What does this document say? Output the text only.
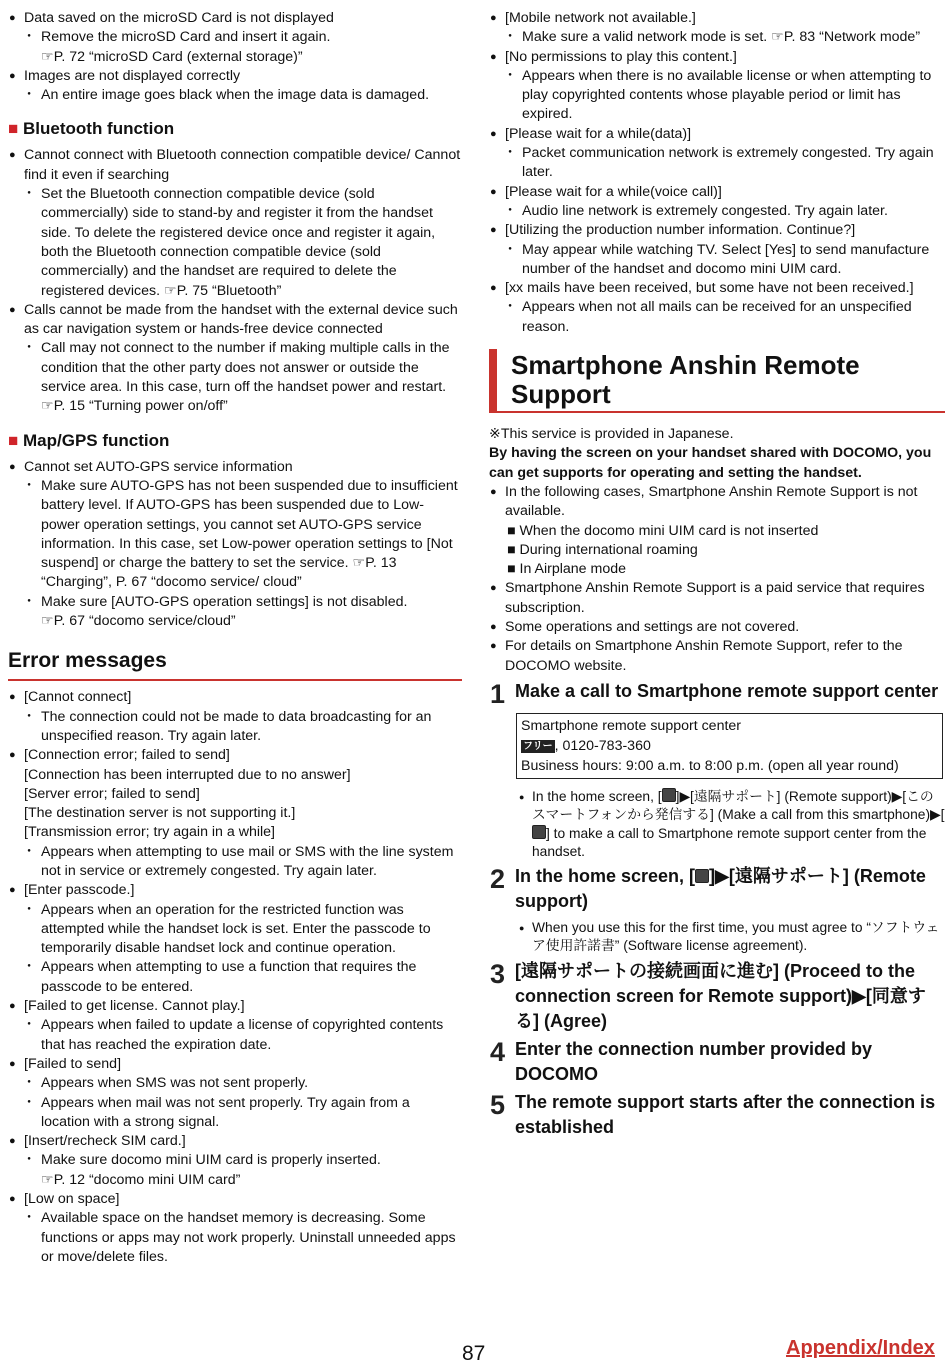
● Data saved on the microSD Card is not displayed
・ Remove the microSD Card and insert it again.
☞P. 72 “microSD Card (external storage)”
● Images are not displayed correctly
・ An entire image goes black when the image data is damaged.
■ Bluetooth function
● Cannot connect with Bluetooth connection compatible device/ Cannot find it even if searching
・ Set the Bluetooth connection compatible device (sold commercially) side to stand-by and register it from the handset side. To delete the registered device once and register it again, both the Bluetooth connection compatible device (sold commercially) and the handset are required to delete the registered devices. ☞P. 75 “Bluetooth”
● Calls cannot be made from the handset with the external device such as car navigation system or hands-free device connected
・ Call may not connect to the number if making multiple calls in the condition that the other party does not answer or outside the service area. In this case, turn off the handset power and restart. ☞P. 15 “Turning power on/off”
■ Map/GPS function
● Cannot set AUTO-GPS service information
・ Make sure AUTO-GPS has not been suspended due to insufficient battery level. If AUTO-GPS has been suspended due to Low-power operation settings, you cannot set AUTO-GPS service information. In this case, set Low-power operation settings to [Not suspend] or charge the battery to set the service. ☞P. 13 “Charging”, P. 67 “docomo service/ cloud”
・ Make sure [AUTO-GPS operation settings] is not disabled.
☞P. 67 “docomo service/cloud”
Error messages
● [Cannot connect]
・ The connection could not be made to data broadcasting for an unspecified reason. Try again later.
● [Connection error; failed to send]
[Connection has been interrupted due to no answer]
[Server error; failed to send]
[The destination server is not supporting it.]
[Transmission error; try again in a while]
・ Appears when attempting to use mail or SMS with the line system not in service or extremely congested. Try again later.
● [Enter passcode.]
・ Appears when an operation for the restricted function was attempted while the handset lock is set. Enter the passcode to temporarily disable handset lock and continue operation.
・ Appears when attempting to use a function that requires the passcode to be entered.
● [Failed to get license. Cannot play.]
・ Appears when failed to update a license of copyrighted contents that has reached the expiration date.
● [Failed to send]
・ Appears when SMS was not sent properly.
・ Appears when mail was not sent properly. Try again from a location with a strong signal.
● [Insert/recheck SIM card.]
・ Make sure docomo mini UIM card is properly inserted.
☞P. 12 “docomo mini UIM card”
● [Low on space]
・ Available space on the handset memory is decreasing. Some functions or apps may not work properly. Uninstall unneeded apps or move/delete files.
● [Mobile network not available.]
・ Make sure a valid network mode is set. ☞P. 83 “Network mode”
● [No permissions to play this content.]
・ Appears when there is no available license or when attempting to play copyrighted contents whose playable period or limit has expired.
● [Please wait for a while(data)]
・ Packet communication network is extremely congested. Try again later.
● [Please wait for a while(voice call)]
・ Audio line network is extremely congested. Try again later.
● [Utilizing the production number information. Continue?]
・ May appear while watching TV. Select [Yes] to send manufacture number of the handset and docomo mini UIM card.
● [xx mails have been received, but some have not been received.]
・ Appears when not all mails can be received for an unspecified reason.
Smartphone Anshin Remote Support
※This service is provided in Japanese.
By having the screen on your handset shared with DOCOMO, you can get supports for operating and setting the handset.
● In the following cases, Smartphone Anshin Remote Support is not available.
■ When the docomo mini UIM card is not inserted
■ During international roaming
■ In Airplane mode
● Smartphone Anshin Remote Support is a paid service that requires subscription.
● Some operations and settings are not covered.
● For details on Smartphone Anshin Remote Support, refer to the DOCOMO website.
1 Make a call to Smartphone remote support center
Smartphone remote support center
フリー , 0120-783-360
Business hours: 9:00 a.m. to 8:00 p.m. (open all year round)
● In the home screen, [ ]▶[遠隔サポート] (Remote support)▶[このスマートフォンから発信する] (Make a call from this smartphone)▶[] to make a call to Smartphone remote support center from the handset.
2 In the home screen, [ ]▶[遠隔サポート] (Remote support)
● When you use this for the first time, you must agree to “ソフトウェア使用許諾書” (Software license agreement).
3 [遠隔サポートの接続画面に進む] (Proceed to the connection screen for Remote support)▶[同意する] (Agree)
4 Enter the connection number provided by DOCOMO
5 The remote support starts after the connection is established
87	Appendix/Index
